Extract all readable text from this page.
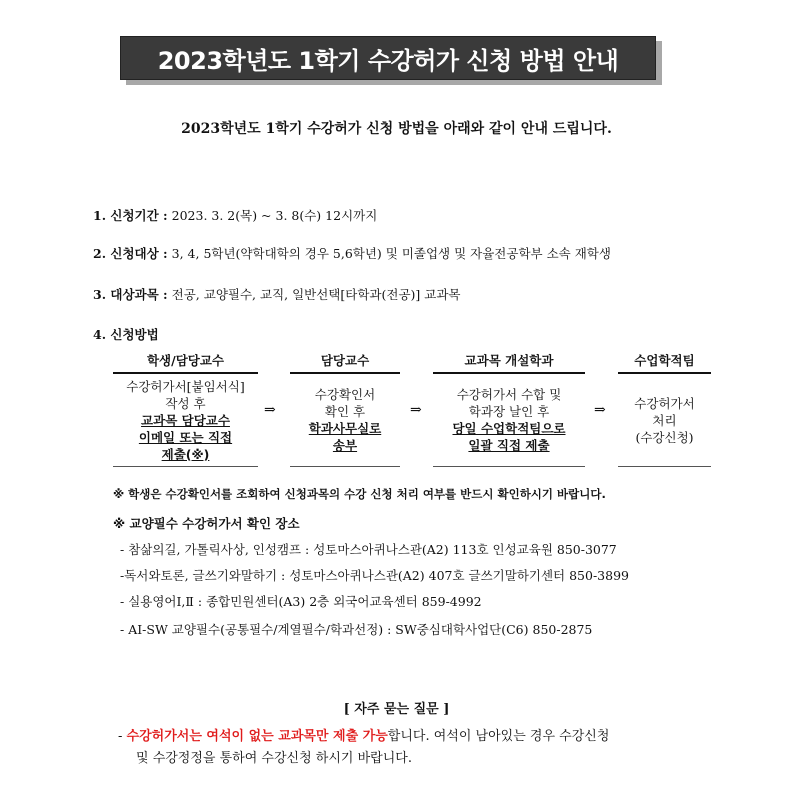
2023학년도 1학기 수강허가 신청 방법 안내
2023학년도 1학기 수강허가 신청 방법을 아래와 같이 안내 드립니다.
1. 신청기간 : 2023. 3. 2(목) ~ 3. 8(수) 12시까지
2. 신청대상 : 3, 4, 5학년(약학대학의 경우 5,6학년) 및 미졸업생 및 자율전공학부 소속 재학생
3. 대상과목 : 전공, 교양필수, 교직, 일반선택[타학과(전공)] 교과목
4. 신청방법
학생/담당교수
수강허가서[붙임서식]
작성 후
교과목 담당교수
이메일 또는 직접
제출(※)
⇒
담당교수
수강확인서
확인 후
학과사무실로
송부
⇒
교과목 개설학과
수강허가서 수합 및
학과장 날인 후
당일 수업학적팀으로
일괄 직접 제출
⇒
수업학적팀
수강허가서
처리
(수강신청)
※ 학생은 수강확인서를 조회하여 신청과목의 수강 신청 처리 여부를 반드시 확인하시기 바랍니다.
※ 교양필수 수강허가서 확인 장소
- 참삶의길, 가톨릭사상, 인성캠프 : 성토마스아퀴나스관(A2) 113호 인성교육원 850-3077
-독서와토론, 글쓰기와말하기 : 성토마스아퀴나스관(A2) 407호 글쓰기말하기센터 850-3899
- 실용영어Ⅰ,Ⅱ : 종합민원센터(A3) 2층 외국어교육센터 859-4992
- AI-SW 교양필수(공통필수/계열필수/학과선정) : SW중심대학사업단(C6) 850-2875
[ 자주 묻는 질문 ]
- 수강허가서는 여석이 없는 교과목만 제출 가능합니다. 여석이 남아있는 경우 수강신청
및 수강정정을 통하여 수강신청 하시기 바랍니다.
